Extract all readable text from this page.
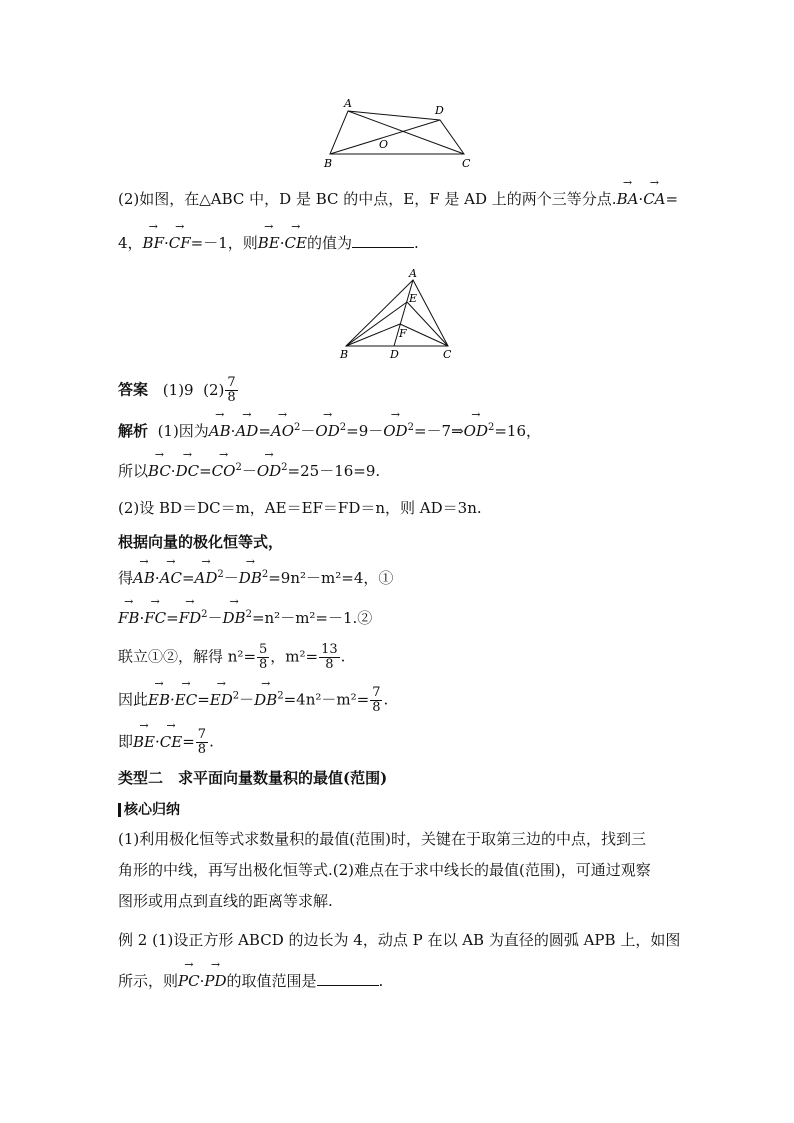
A
D
O
B	C
(2)如图，在△ABC 中，D 是 BC 的中点，E，F 是 AD 上的两个三等分点.→ BA·→ CA=
4，→ BF·→ CF=－1，则→ BE·→ CE的值为	.
A
E
F
B	D	C
答案 (1)9 $(2) \frac{7}{8}$
解析 (1)因为→ $AB\cdot\to AD=\to AO^2-\to OD^2=9-\to$ $OD^2=-7\Rightarrow\to OD^2=16$，
所以→ $BC\cdot\to DC=\to CO^2-\to OD^2=25-16=9$.
(2)设 BD＝DC＝m，AE＝EF＝FD＝n，则 AD＝3n.
根据向量的极化恒等式，
得→ $AB\cdot\to AC=\to AD^2-\to DB^2=9n^2-m^2=4$，①
→ $FB\cdot\to FC=\to FD^2-\to$ $DB^2=n^2-m^2=-1.②$
联立①②，解得 $n^2= \frac{5}{8}$ ，$m^2= \frac{13}{8}$ .
因此→ $EB\cdot\to EC=\to ED^2-\to DB^2=4n^2-m^2= \frac{7}{8}$ .
即→ $BE\cdot\to CE= \frac{7}{8}$ .
类型二　求平面向量数量积的最值(范围)
核心归纳
(1)利用极化恒等式求数量积的最值(范围)时，关键在于取第三边的中点，找到三
角形的中线，再写出极化恒等式.(2)难点在于求中线长的最值(范围)，可通过观察
图形或用点到直线的距离等求解.
例 2 (1)设正方形 ABCD 的边长为 4，动点 P 在以 AB 为直径的圆弧 APB 上，如图
所示，则→ PC·→ PD的取值范围是	.
